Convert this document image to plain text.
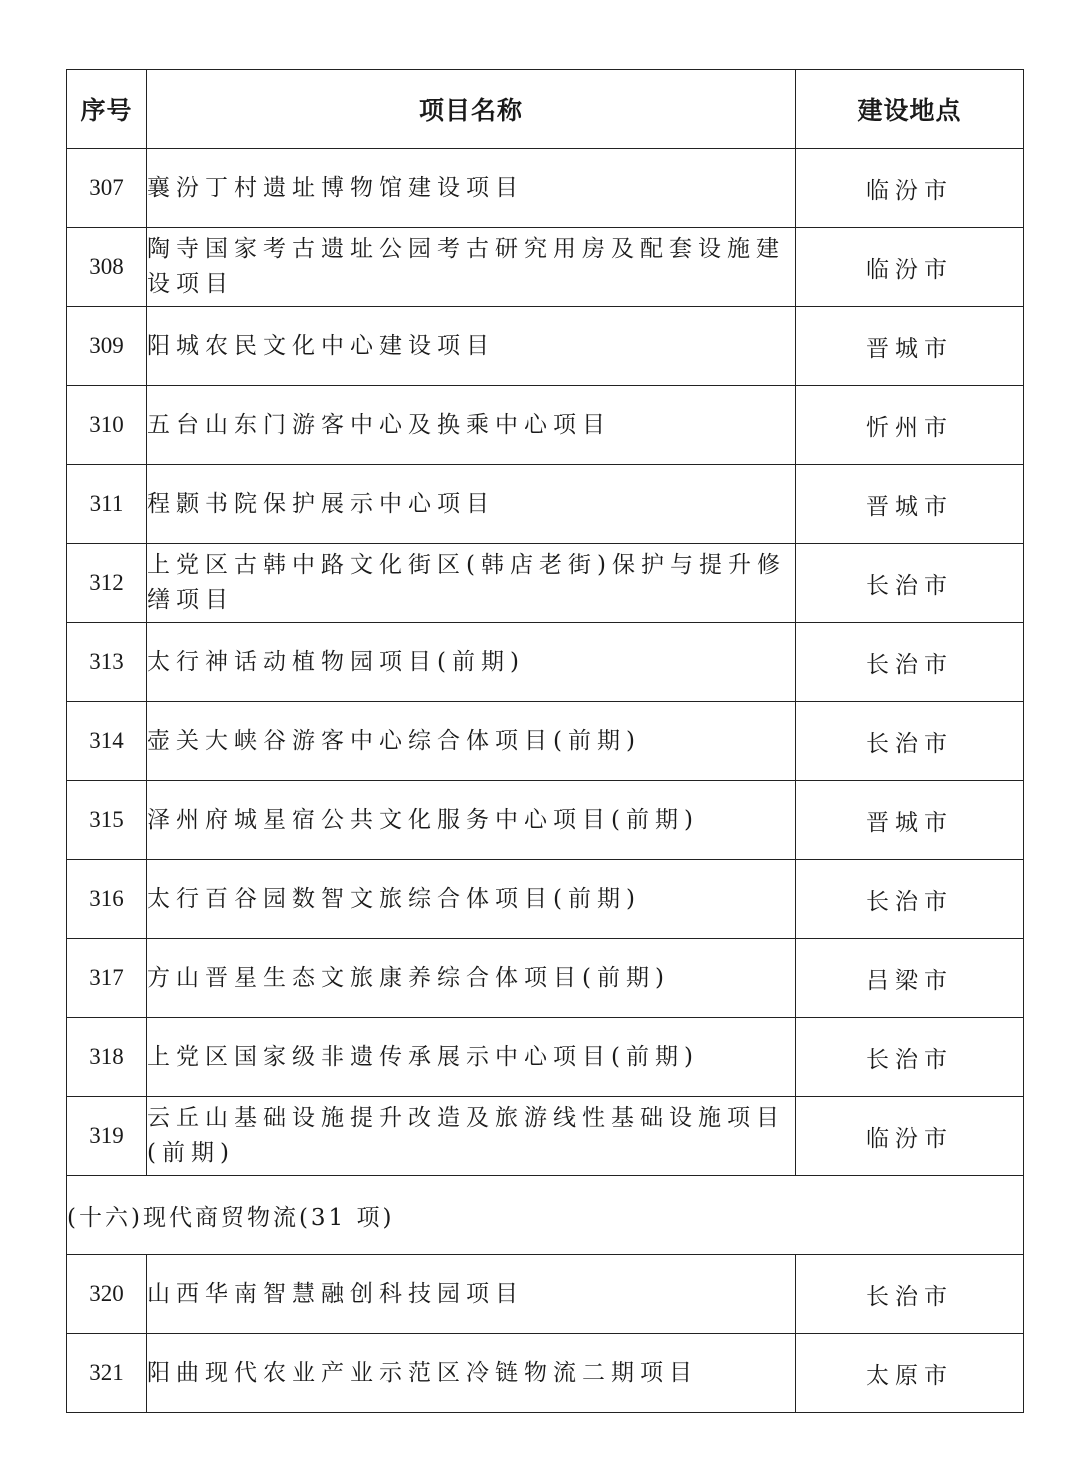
序号	项目名称	建设地点
307	襄汾丁村遗址博物馆建设项目	临汾市
308	陶寺国家考古遗址公园考古研究用房及配套设施建设项目	临汾市
309	阳城农民文化中心建设项目	晋城市
310	五台山东门游客中心及换乘中心项目	忻州市
311	程颢书院保护展示中心项目	晋城市
312	上党区古韩中路文化街区(韩店老街)保护与提升修缮项目	长治市
313	太行神话动植物园项目(前期)	长治市
314	壶关大峡谷游客中心综合体项目(前期)	长治市
315	泽州府城星宿公共文化服务中心项目(前期)	晋城市
316	太行百谷园数智文旅综合体项目(前期)	长治市
317	方山晋星生态文旅康养综合体项目(前期)	吕梁市
318	上党区国家级非遗传承展示中心项目(前期)	长治市
319	云丘山基础设施提升改造及旅游线性基础设施项目(前期)	临汾市
(十六)现代商贸物流(31 项)		
320	山西华南智慧融创科技园项目	长治市
321	阳曲现代农业产业示范区冷链物流二期项目	太原市
